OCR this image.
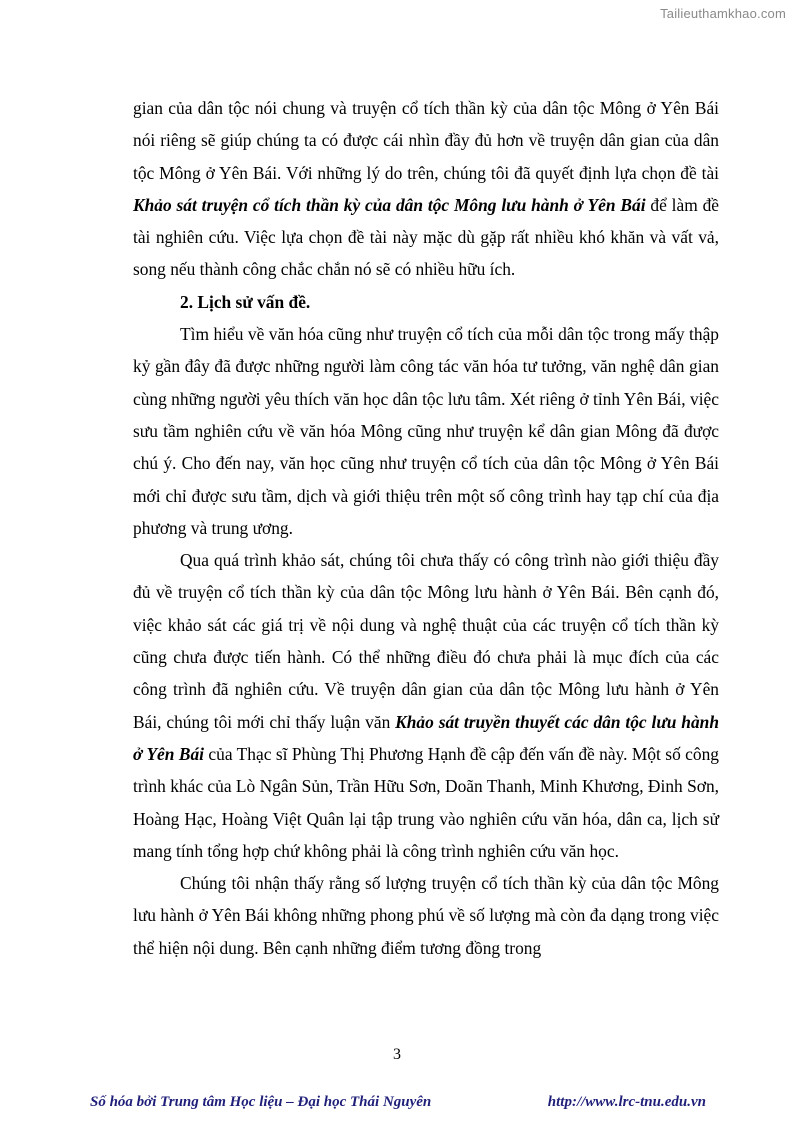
Tailieuthamkhao.com

gian của dân tộc nói chung và truyện cổ tích thần kỳ của dân tộc Mông ở Yên Bái nói riêng sẽ giúp chúng ta có được cái nhìn đầy đủ hơn về truyện dân gian của dân tộc Mông ở Yên Bái. Với những lý do trên, chúng tôi đã quyết định lựa chọn đề tài Khảo sát truyện cổ tích thần kỳ của dân tộc Mông lưu hành ở Yên Bái để làm đề tài nghiên cứu. Việc lựa chọn đề tài này mặc dù gặp rất nhiều khó khăn và vất vả, song nếu thành công chắc chắn nó sẽ có nhiều hữu ích.

2. Lịch sử vấn đề.

Tìm hiểu về văn hóa cũng như truyện cổ tích của mỗi dân tộc trong mấy thập kỷ gần đây đã được những người làm công tác văn hóa tư tưởng, văn nghệ dân gian cùng những người yêu thích văn học dân tộc lưu tâm. Xét riêng ở tỉnh Yên Bái, việc sưu tầm nghiên cứu về văn hóa Mông cũng như truyện kể dân gian Mông đã được chú ý. Cho đến nay, văn học cũng như truyện cổ tích của dân tộc Mông ở Yên Bái mới chỉ được sưu tầm, dịch và giới thiệu trên một số công trình hay tạp chí của địa phương và trung ương.

Qua quá trình khảo sát, chúng tôi chưa thấy có công trình nào giới thiệu đầy đủ về truyện cổ tích thần kỳ của dân tộc Mông lưu hành ở Yên Bái. Bên cạnh đó, việc khảo sát các giá trị về nội dung và nghệ thuật của các truyện cổ tích thần kỳ cũng chưa được tiến hành. Có thể những điều đó chưa phải là mục đích của các công trình đã nghiên cứu. Về truyện dân gian của dân tộc Mông lưu hành ở Yên Bái, chúng tôi mới chỉ thấy luận văn Khảo sát truyền thuyết các dân tộc lưu hành ở Yên Bái của Thạc sĩ Phùng Thị Phương Hạnh đề cập đến vấn đề này. Một số công trình khác của Lò Ngân Sủn, Trần Hữu Sơn, Doãn Thanh, Minh Khương, Đinh Sơn, Hoàng Hạc, Hoàng Việt Quân lại tập trung vào nghiên cứu văn hóa, dân ca, lịch sử mang tính tổng hợp chứ không phải là công trình nghiên cứu văn học.

Chúng tôi nhận thấy rằng số lượng truyện cổ tích thần kỳ của dân tộc Mông lưu hành ở Yên Bái không những phong phú về số lượng mà còn đa dạng trong việc thể hiện nội dung. Bên cạnh những điểm tương đồng trong

3
Số hóa bởi Trung tâm Học liệu – Đại học Thái Nguyên	http://www.lrc-tnu.edu.vn
